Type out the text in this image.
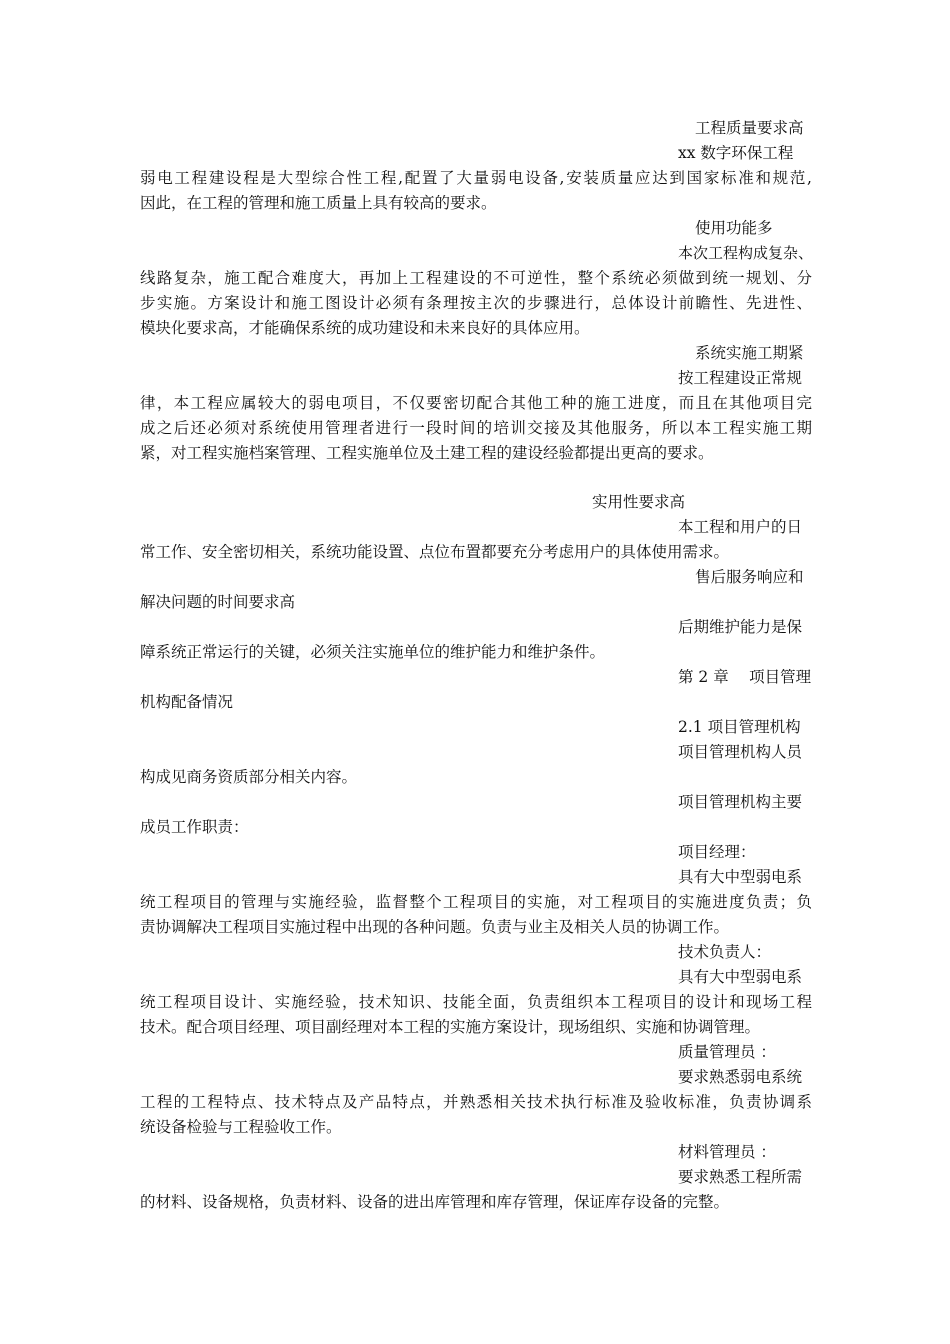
工程质量要求高

xx 数字环保工程

弱电工程建设程是大型综合性工程,配置了大量弱电设备,安装质量应达到国家标准和规范,

因此，在工程的管理和施工质量上具有较高的要求。

使用功能多

本次工程构成复杂、

线路复杂，施工配合难度大，再加上工程建设的不可逆性，整个系统必须做到统一规划、分

步实施。方案设计和施工图设计必须有条理按主次的步骤进行，总体设计前瞻性、先进性、

模块化要求高，才能确保系统的成功建设和未来良好的具体应用。

系统实施工期紧

按工程建设正常规

律，本工程应属较大的弱电项目，不仅要密切配合其他工种的施工进度，而且在其他项目完

成之后还必须对系统使用管理者进行一段时间的培训交接及其他服务，所以本工程实施工期

紧，对工程实施档案管理、工程实施单位及土建工程的建设经验都提出更高的要求。

实用性要求高

本工程和用户的日

常工作、安全密切相关，系统功能设置、点位布置都要充分考虑用户的具体使用需求。

售后服务响应和

解决问题的时间要求高

后期维护能力是保

障系统正常运行的关键，必须关注实施单位的维护能力和维护条件。

第 2 章　 项目管理

机构配备情况

2.1 项目管理机构

项目管理机构人员

构成见商务资质部分相关内容。

项目管理机构主要

成员工作职责：

项目经理：

具有大中型弱电系

统工程项目的管理与实施经验，监督整个工程项目的实施，对工程项目的实施进度负责；负

责协调解决工程项目实施过程中出现的各种问题。负责与业主及相关人员的协调工作。

技术负责人：

具有大中型弱电系

统工程项目设计、实施经验，技术知识、技能全面，负责组织本工程项目的设计和现场工程

技术。配合项目经理、项目副经理对本工程的实施方案设计，现场组织、实施和协调管理。

质量管理员 ：

要求熟悉弱电系统

工程的工程特点、技术特点及产品特点，并熟悉相关技术执行标准及验收标准，负责协调系

统设备检验与工程验收工作。

材料管理员 ：

要求熟悉工程所需

的材料、设备规格，负责材料、设备的进出库管理和库存管理，保证库存设备的完整。
